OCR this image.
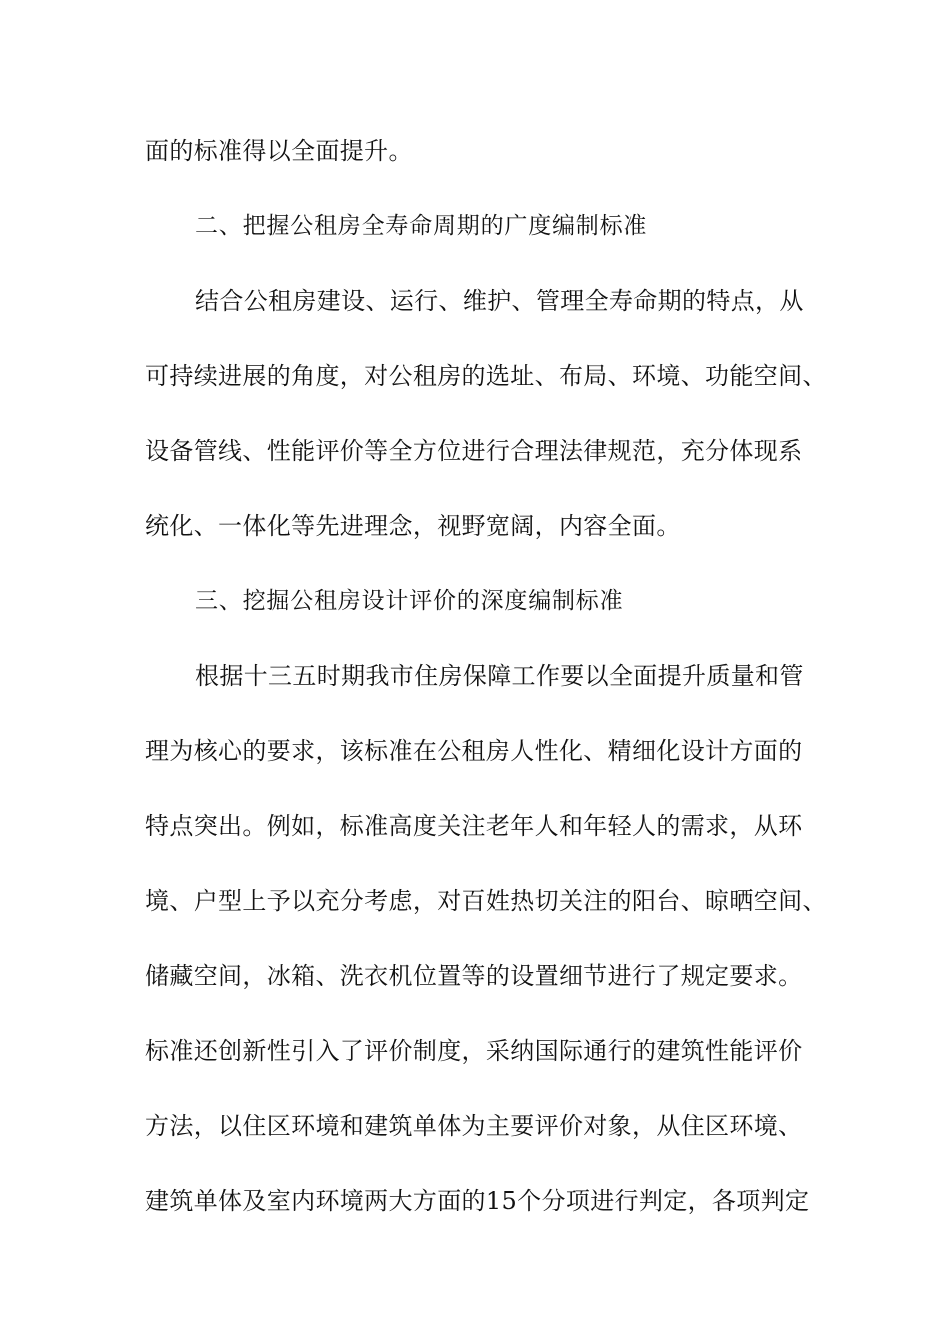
面的标准得以全面提升。
二、把握公租房全寿命周期的广度编制标准
结合公租房建设、运行、维护、管理全寿命期的特点，从
可持续进展的角度，对公租房的选址、布局、环境、功能空间、
设备管线、性能评价等全方位进行合理法律规范，充分体现系
统化、一体化等先进理念，视野宽阔，内容全面。
三、挖掘公租房设计评价的深度编制标准
根据十三五时期我市住房保障工作要以全面提升质量和管
理为核心的要求，该标准在公租房人性化、精细化设计方面的
特点突出。例如，标准高度关注老年人和年轻人的需求，从环
境、户型上予以充分考虑，对百姓热切关注的阳台、晾晒空间、
储藏空间，冰箱、洗衣机位置等的设置细节进行了规定要求。
标准还创新性引入了评价制度，采纳国际通行的建筑性能评价
方法，以住区环境和建筑单体为主要评价对象，从住区环境、
建筑单体及室内环境两大方面的15个分项进行判定，各项判定
